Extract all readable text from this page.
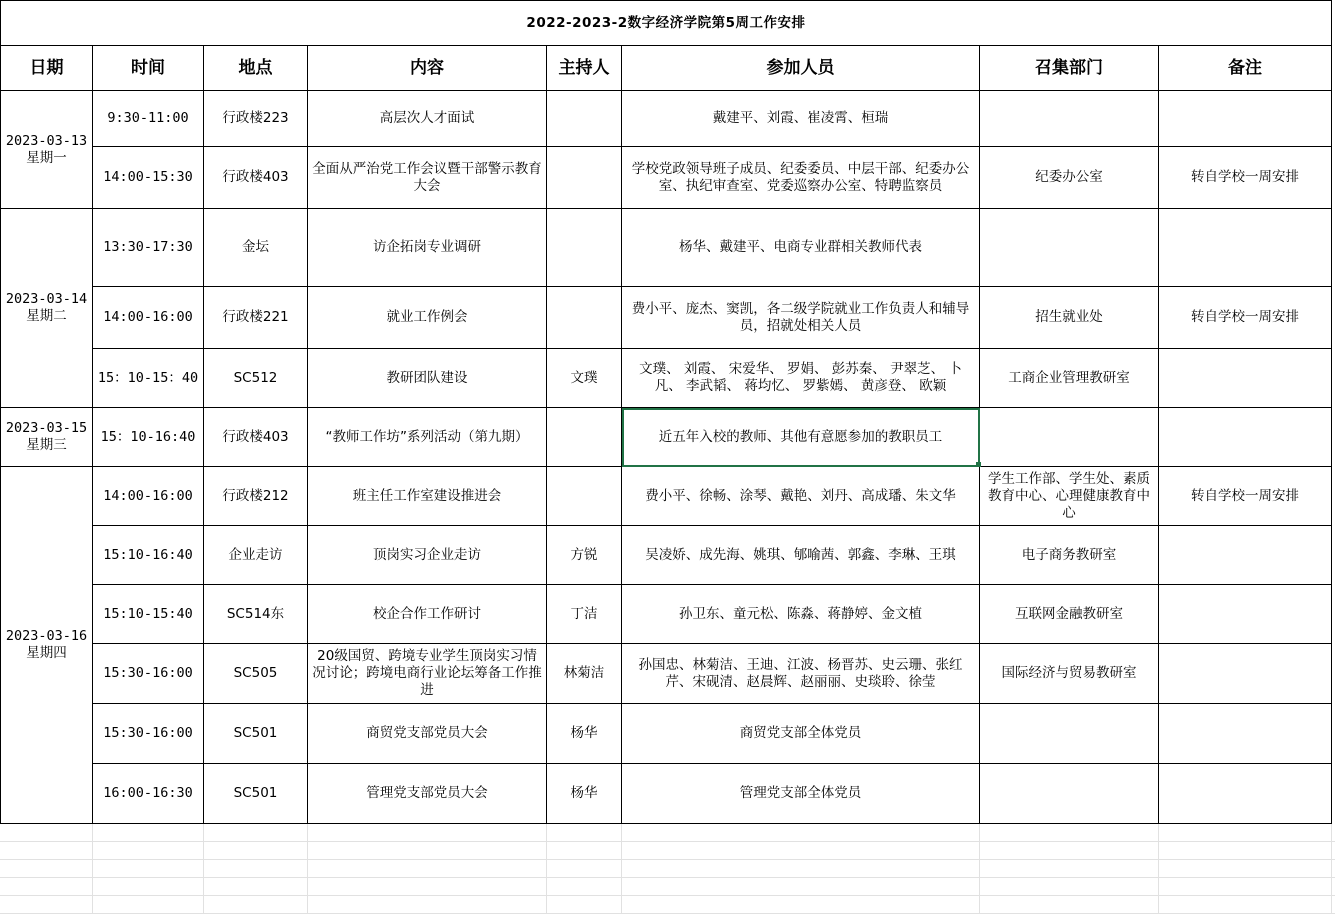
2022-2023-2数字经济学院第5周工作安排							
日期	时间	地点	内容	主持人	参加人员	召集部门	备注

2023-03-13
星期一	9:30-11:00	行政楼223	高层次人才面试		戴建平、刘霞、崔凌霄、桓瑞		
	14:00-15:30	行政楼403	全面从严治党工作会议暨干部警示教育大会		学校党政领导班子成员、纪委委员、中层干部、纪委办公室、执纪审查室、党委巡察办公室、特聘监察员	纪委办公室	转自学校一周安排

2023-03-14
星期二	13:30-17:30	金坛	访企拓岗专业调研		杨华、戴建平、电商专业群相关教师代表		
	14:00-16:00	行政楼221	就业工作例会		费小平、庞杰、窦凯，各二级学院就业工作负责人和辅导员，招就处相关人员	招生就业处	转自学校一周安排
	15：10-15：40	SC512	教研团队建设	文璞	文璞、 刘霞、 宋爱华、 罗娟、 彭苏秦、 尹翠芝、 卜凡、 李武韬、 蒋均忆、 罗紫嫣、 黄彦登、 欧颖	工商企业管理教研室	

2023-03-15
星期三	15：10-16:40	行政楼403	“教师工作坊”系列活动（第九期）		近五年入校的教师、其他有意愿参加的教职员工		

2023-03-16
星期四	14:00-16:00	行政楼212	班主任工作室建设推进会		费小平、徐畅、涂琴、戴艳、刘丹、高成璠、朱文华	学生工作部、学生处、素质教育中心、心理健康教育中心	转自学校一周安排
	15:10-16:40	企业走访	顶岗实习企业走访	方锐	吴凌娇、成先海、姚琪、郇喻茜、郭鑫、李琳、王琪	电子商务教研室	
	15:10-15:40	SC514东	校企合作工作研讨	丁洁	孙卫东、童元松、陈淼、蒋静婷、金文植	互联网金融教研室	
	15:30-16:00	SC505	20级国贸、跨境专业学生顶岗实习情况讨论；跨境电商行业论坛筹备工作推进	林菊洁	孙国忠、林菊洁、王迪、江波、杨晋苏、史云珊、张红芹、宋砚清、赵晨辉、赵丽丽、史琰聆、徐莹	国际经济与贸易教研室	
	15:30-16:00	SC501	商贸党支部党员大会	杨华	商贸党支部全体党员		
	16:00-16:30	SC501	管理党支部党员大会	杨华	管理党支部全体党员		
